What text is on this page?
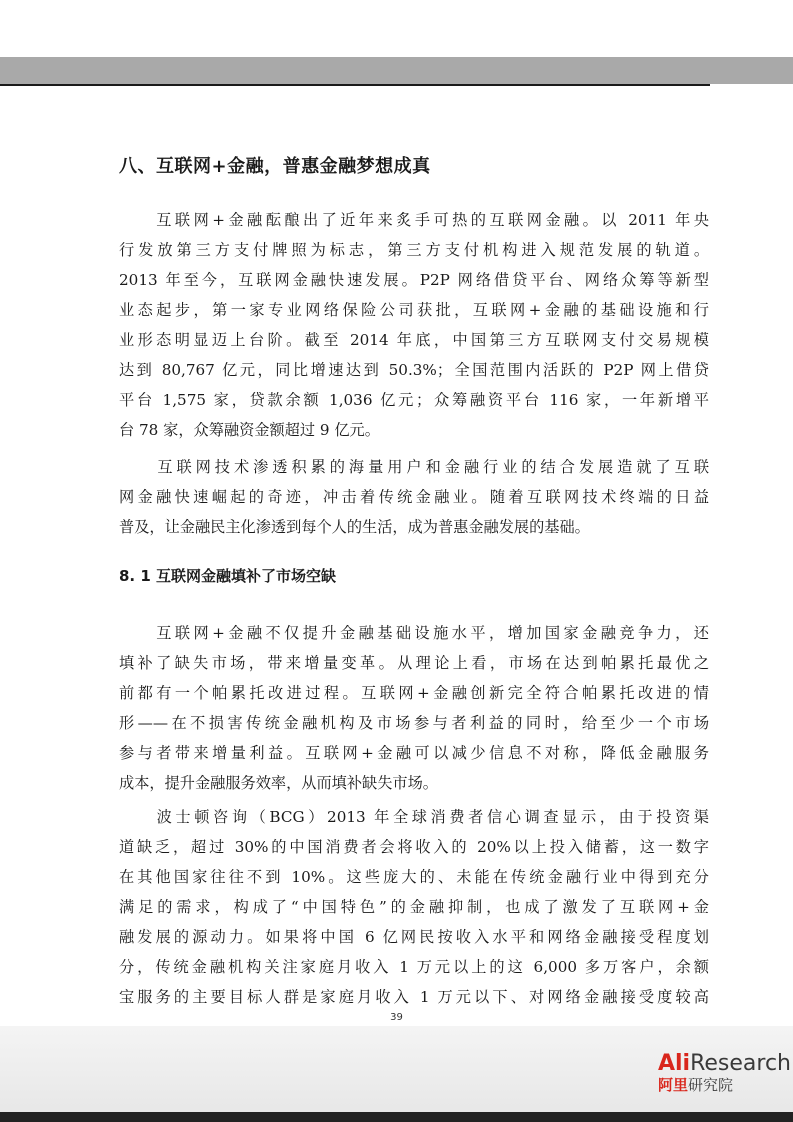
八、互联网+金融，普惠金融梦想成真
　　互联网+金融酝酿出了近年来炙手可热的互联网金融。以 2011 年央
行发放第三方支付牌照为标志，第三方支付机构进入规范发展的轨道。
2013 年至今，互联网金融快速发展。P2P 网络借贷平台、网络众筹等新型
业态起步，第一家专业网络保险公司获批，互联网+金融的基础设施和行
业形态明显迈上台阶。截至 2014 年底，中国第三方互联网支付交易规模
达到 80,767 亿元，同比增速达到 50.3%；全国范围内活跃的 P2P 网上借贷
平台 1,575 家，贷款余额 1,036 亿元；众筹融资平台 116 家，一年新增平
台 78 家，众筹融资金额超过 9 亿元。
　　互联网技术渗透积累的海量用户和金融行业的结合发展造就了互联
网金融快速崛起的奇迹，冲击着传统金融业。随着互联网技术终端的日益
普及，让金融民主化渗透到每个人的生活，成为普惠金融发展的基础。
8. 1 互联网金融填补了市场空缺
　　互联网+金融不仅提升金融基础设施水平，增加国家金融竞争力，还
填补了缺失市场，带来增量变革。从理论上看，市场在达到帕累托最优之
前都有一个帕累托改进过程。互联网+金融创新完全符合帕累托改进的情
形——在不损害传统金融机构及市场参与者利益的同时，给至少一个市场
参与者带来增量利益。互联网+金融可以减少信息不对称，降低金融服务
成本，提升金融服务效率，从而填补缺失市场。
　　波士顿咨询（BCG）2013 年全球消费者信心调查显示，由于投资渠
道缺乏，超过 30%的中国消费者会将收入的 20%以上投入储蓄，这一数字
在其他国家往往不到 10%。这些庞大的、未能在传统金融行业中得到充分
满足的需求，构成了“中国特色”的金融抑制，也成了激发了互联网+金
融发展的源动力。如果将中国 6 亿网民按收入水平和网络金融接受程度划
分，传统金融机构关注家庭月收入 1 万元以上的这 6,000 多万客户，余额
宝服务的主要目标人群是家庭月收入 1 万元以下、对网络金融接受度较高
39
AliResearch
阿里研究院
